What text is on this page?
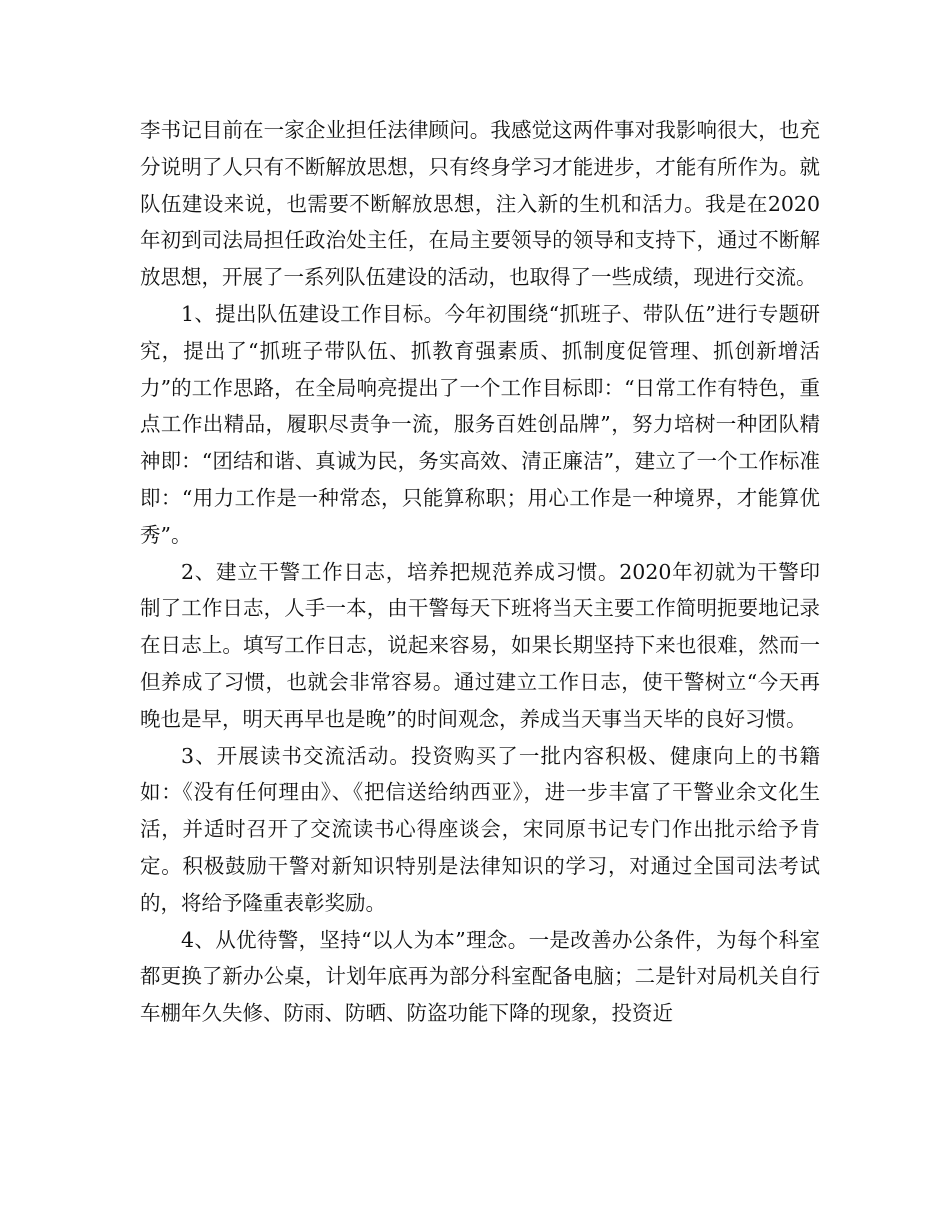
李书记目前在一家企业担任法律顾问。我感觉这两件事对我影响很大，也充分说明了人只有不断解放思想，只有终身学习才能进步，才能有所作为。就队伍建设来说，也需要不断解放思想，注入新的生机和活力。我是在2020年初到司法局担任政治处主任，在局主要领导的领导和支持下，通过不断解放思想，开展了一系列队伍建设的活动，也取得了一些成绩，现进行交流。

1、提出队伍建设工作目标。今年初围绕“抓班子、带队伍”进行专题研究，提出了“抓班子带队伍、抓教育强素质、抓制度促管理、抓创新增活力”的工作思路，在全局响亮提出了一个工作目标即：“日常工作有特色，重点工作出精品，履职尽责争一流，服务百姓创品牌”，努力培树一种团队精神即：“团结和谐、真诚为民，务实高效、清正廉洁”，建立了一个工作标准即：“用力工作是一种常态，只能算称职；用心工作是一种境界，才能算优秀”。

2、建立干警工作日志，培养把规范养成习惯。2020年初就为干警印制了工作日志，人手一本，由干警每天下班将当天主要工作简明扼要地记录在日志上。填写工作日志，说起来容易，如果长期坚持下来也很难，然而一但养成了习惯，也就会非常容易。通过建立工作日志，使干警树立“今天再晚也是早，明天再早也是晚”的时间观念，养成当天事当天毕的良好习惯。

3、开展读书交流活动。投资购买了一批内容积极、健康向上的书籍如：《没有任何理由》、《把信送给纳西亚》，进一步丰富了干警业余文化生活，并适时召开了交流读书心得座谈会，宋同原书记专门作出批示给予肯定。积极鼓励干警对新知识特别是法律知识的学习，对通过全国司法考试的，将给予隆重表彰奖励。

4、从优待警，坚持“以人为本”理念。一是改善办公条件，为每个科室都更换了新办公桌，计划年底再为部分科室配备电脑；二是针对局机关自行车棚年久失修、防雨、防晒、防盗功能下降的现象，投资近
